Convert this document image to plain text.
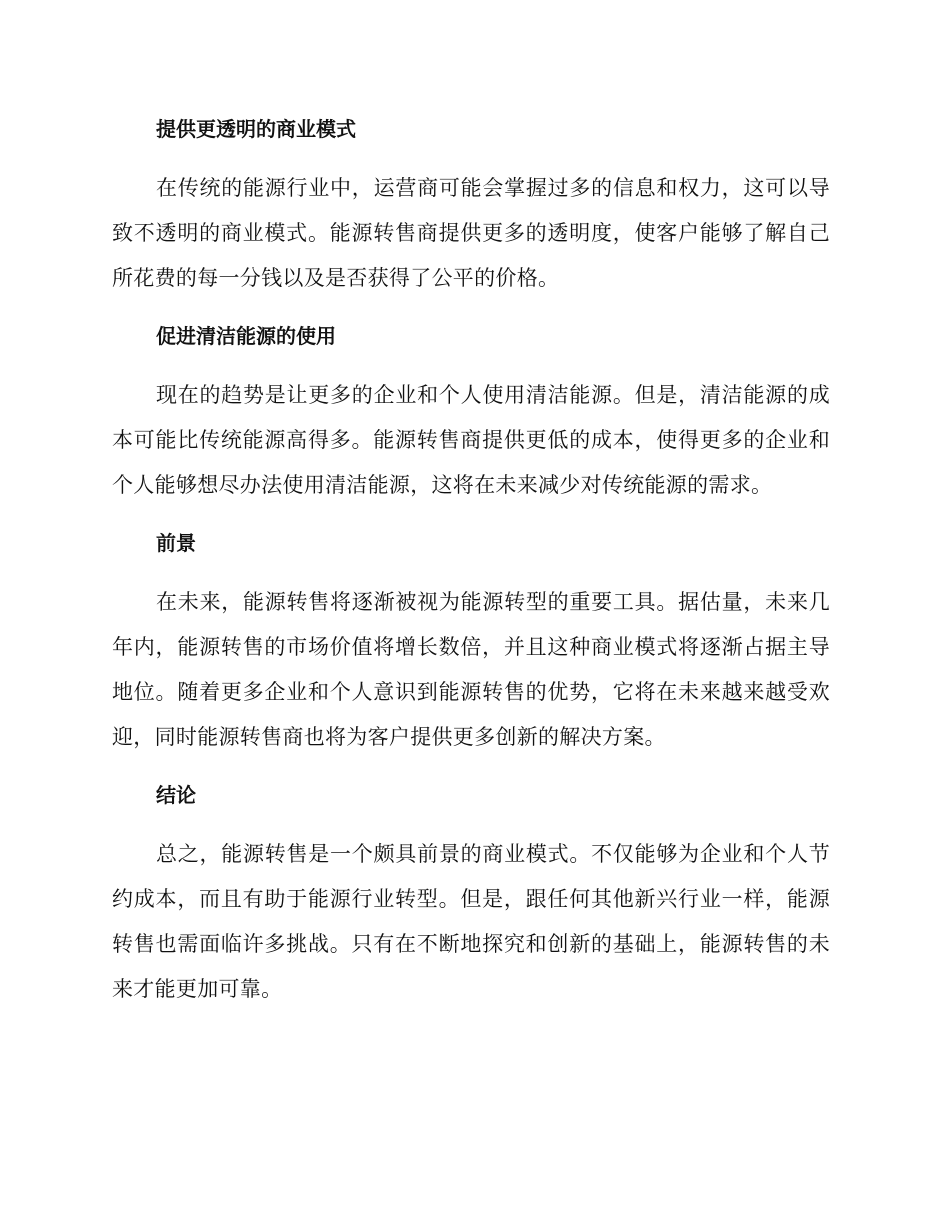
提供更透明的商业模式

在传统的能源行业中，运营商可能会掌握过多的信息和权力，这可以导致不透明的商业模式。能源转售商提供更多的透明度，使客户能够了解自己所花费的每一分钱以及是否获得了公平的价格。

促进清洁能源的使用

现在的趋势是让更多的企业和个人使用清洁能源。但是，清洁能源的成本可能比传统能源高得多。能源转售商提供更低的成本，使得更多的企业和个人能够想尽办法使用清洁能源，这将在未来减少对传统能源的需求。

前景

在未来，能源转售将逐渐被视为能源转型的重要工具。据估量，未来几年内，能源转售的市场价值将增长数倍，并且这种商业模式将逐渐占据主导地位。随着更多企业和个人意识到能源转售的优势，它将在未来越来越受欢迎，同时能源转售商也将为客户提供更多创新的解决方案。

结论

总之，能源转售是一个颇具前景的商业模式。不仅能够为企业和个人节约成本，而且有助于能源行业转型。但是，跟任何其他新兴行业一样，能源转售也需面临许多挑战。只有在不断地探究和创新的基础上，能源转售的未来才能更加可靠。
